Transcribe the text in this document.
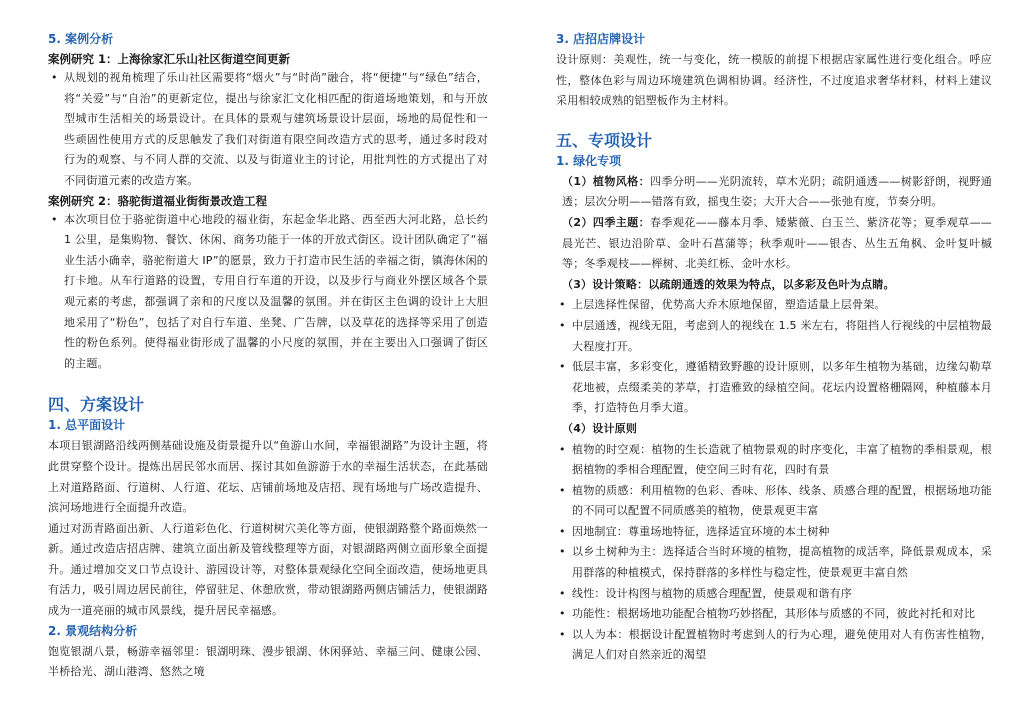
5. 案例分析

案例研究 1：上海徐家汇乐山社区街道空间更新

• 从规划的视角梳理了乐山社区需要将“烟火”与“时尚”融合，将“便捷”与“绿色”结合，将“关爱”与“自治”的更新定位，提出与徐家汇文化相匹配的街道场地策划，和与开放型城市生活相关的场景设计。在具体的景观与建筑场景设计层面，场地的局促性和一些顽固性使用方式的反思触发了我们对街道有限空间改造方式的思考，通过多时段对行为的观察、与不同人群的交流、以及与街道业主的讨论，用批判性的方式提出了对不同街道元素的改造方案。

案例研究 2：骆驼街道福业街街景改造工程

• 本次项目位于骆驼街道中心地段的福业街，东起金华北路、西至西大河北路，总长约 1 公里，是集购物、餐饮、休闲、商务功能于一体的开放式街区。设计团队确定了“福业生活小确幸，骆驼衔道大 IP”的愿景，致力于打造市民生活的幸福之街，镇海休闲的打卡地。从车行道路的设置，专用自行车道的开设，以及步行与商业外摆区域各个景观元素的考虑，都强调了亲和的尺度以及温馨的氛围。并在街区主色调的设计上大胆地采用了“粉色”，包括了对自行车道、坐凳、广告牌，以及草花的选择等采用了创造性的粉色系列。使得福业街形成了温馨的小尺度的氛围，并在主要出入口强调了街区的主题。

四、方案设计

1. 总平面设计

本项目银湖路沿线两侧基础设施及街景提升以“鱼游山水间，幸福银湖路”为设计主题，将此贯穿整个设计。提炼出居民邻水而居、探讨其如鱼游游于水的幸福生活状态，在此基础上对道路路面、行道树、人行道、花坛、店铺前场地及店招、现有场地与广场改造提升、滨河场地进行全面提升改造。

通过对沥青路面出新、人行道彩色化、行道树树穴美化等方面，使银湖路整个路面焕然一新。通过改造店招店牌、建筑立面出新及管线整理等方面，对银湖路两侧立面形象全面提升。通过增加交叉口节点设计、游园设计等，对整体景观绿化空间全面改造，使场地更具有活力，吸引周边居民前往，停留驻足、休憩欣赏，带动银湖路两侧店铺活力，使银湖路成为一道亮丽的城市风景线，提升居民幸福感。

2. 景观结构分析

饱览银湖八景，畅游幸福邻里：银湖明珠、漫步银湖、休闲驿站、幸福三问、健康公园、半桥拾光、湖山港湾、悠然之境

3. 店招店牌设计

设计原则：美观性，统一与变化，统一模版的前提下根据店家属性进行变化组合。呼应性，整体色彩与周边环境建筑色调相协调。经济性，不过度追求奢华材料，材料上建议采用相较成熟的铝塑板作为主材料。

五、专项设计

1. 绿化专项

（1）植物风格：四季分明——光阴流转，草木光阴；疏阴通透——树影舒朗，视野通透；层次分明——错落有致，摇曳生姿；大开大合——张弛有度，节奏分明。

（2）四季主题：春季观花——藤本月季、矮紫薇、白玉兰、紫济花等；夏季观草——晨光芒、银边沿阶草、金叶石菖蒲等；秋季观叶——银杏、丛生五角枫、金叶复叶槭等；冬季观枝——榉树、北美红栎、金叶水杉。

（3）设计策略：以疏朗通透的效果为特点，以多彩及色叶为点睛。

• 上层选择性保留，优势高大乔木原地保留，塑造适量上层骨架。

• 中层通透，视线无阻，考虑到人的视线在 1.5 米左右，将阻挡人行视线的中层植物最大程度打开。

• 低层丰富，多彩变化，遵循精致野趣的设计原则，以多年生植物为基础，边缘勾勒草花地被，点缀柔美的茅草，打造雅致的绿植空间。花坛内设置格栅隔网，种植藤本月季，打造特色月季大道。

（4）设计原则

• 植物的时空观：植物的生长造就了植物景观的时序变化，丰富了植物的季相景观，根据植物的季相合理配置，使空间三时有花，四时有景

• 植物的质感：利用植物的色彩、香味、形体、线条、质感合理的配置，根据场地功能的不同可以配置不同质感美的植物，使景观更丰富

• 因地制宜：尊重场地特征，选择适宜环境的本土树种

• 以乡土树种为主：选择适合当时环境的植物，提高植物的成活率，降低景观成本，采用群落的种植模式，保持群落的多样性与稳定性，使景观更丰富自然

• 线性：设计构图与植物的质感合理配置，使景观和谐有序

• 功能性：根据场地功能配合植物巧妙搭配，其形体与质感的不同，彼此衬托和对比

• 以人为本：根据设计配置植物时考虑到人的行为心理，避免使用对人有伤害性植物，满足人们对自然亲近的渴望
